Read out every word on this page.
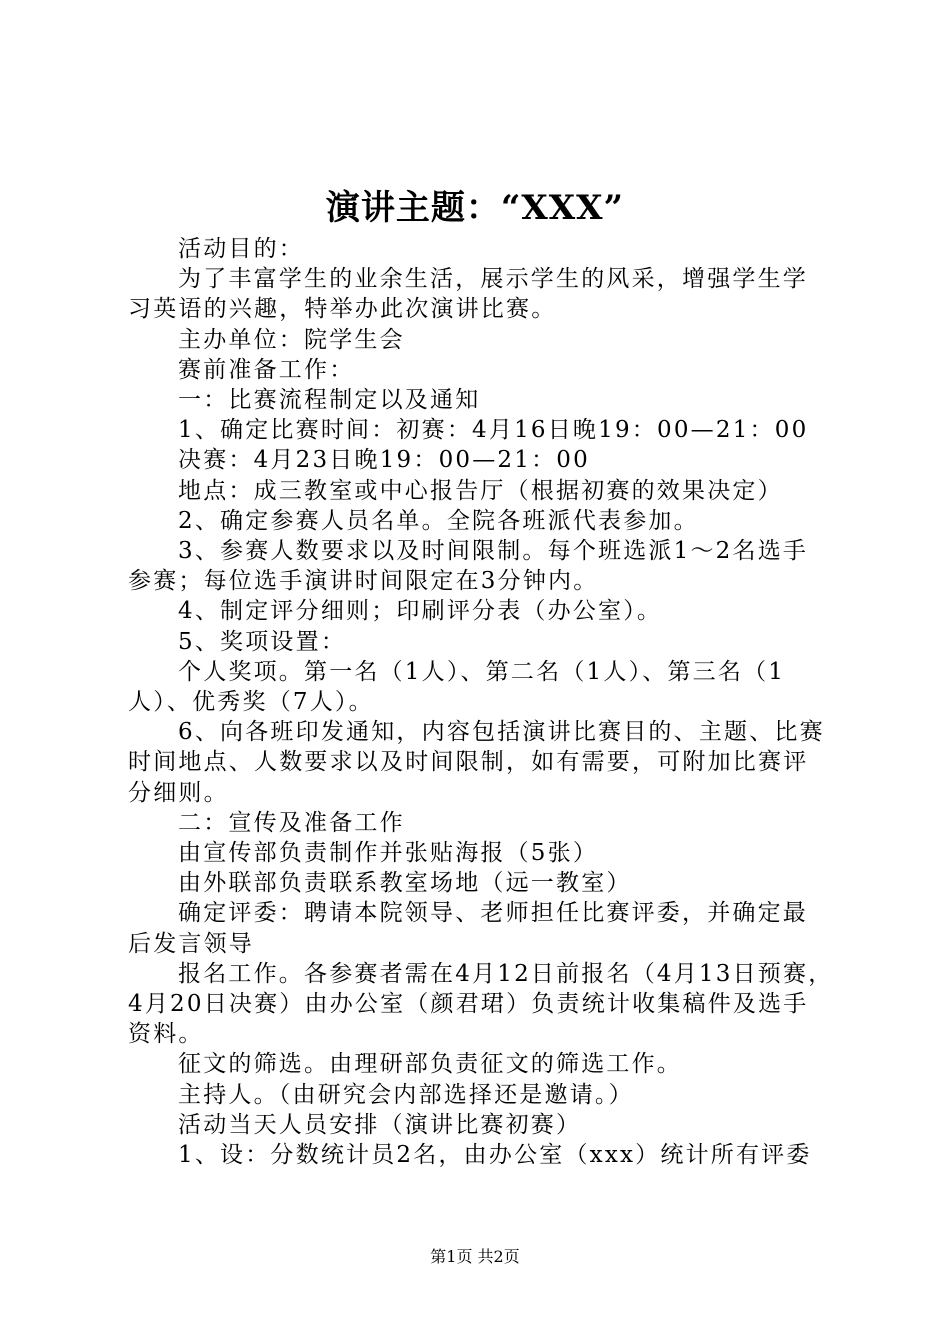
演讲主题：“XXX”

活动目的：

为了丰富学生的业余生活，展示学生的风采，增强学生学

习英语的兴趣，特举办此次演讲比赛。

主办单位：院学生会

赛前准备工作：

一：比赛流程制定以及通知

1、确定比赛时间：初赛：4月16日晚19：00—21：00

决赛：4月23日晚19：00—21：00

地点：成三教室或中心报告厅（根据初赛的效果决定）

2、确定参赛人员名单。全院各班派代表参加。

3、参赛人数要求以及时间限制。每个班选派1～2名选手

参赛；每位选手演讲时间限定在3分钟内。

4、制定评分细则；印刷评分表（办公室）。

5、奖项设置：

个人奖项。第一名（1人）、第二名（1人）、第三名（1

人）、优秀奖（7人）。

6、向各班印发通知，内容包括演讲比赛目的、主题、比赛

时间地点、人数要求以及时间限制，如有需要，可附加比赛评

分细则。

二：宣传及准备工作

由宣传部负责制作并张贴海报（5张）

由外联部负责联系教室场地（远一教室）

确定评委：聘请本院领导、老师担任比赛评委，并确定最

后发言领导

报名工作。各参赛者需在4月12日前报名（4月13日预赛，

4月20日决赛）由办公室（颜君珺）负责统计收集稿件及选手

资料。

征文的筛选。由理研部负责征文的筛选工作。

主持人。（由研究会内部选择还是邀请。）

活动当天人员安排（演讲比赛初赛）

1、设：分数统计员2名，由办公室（xxx）统计所有评委

第1页 共2页
